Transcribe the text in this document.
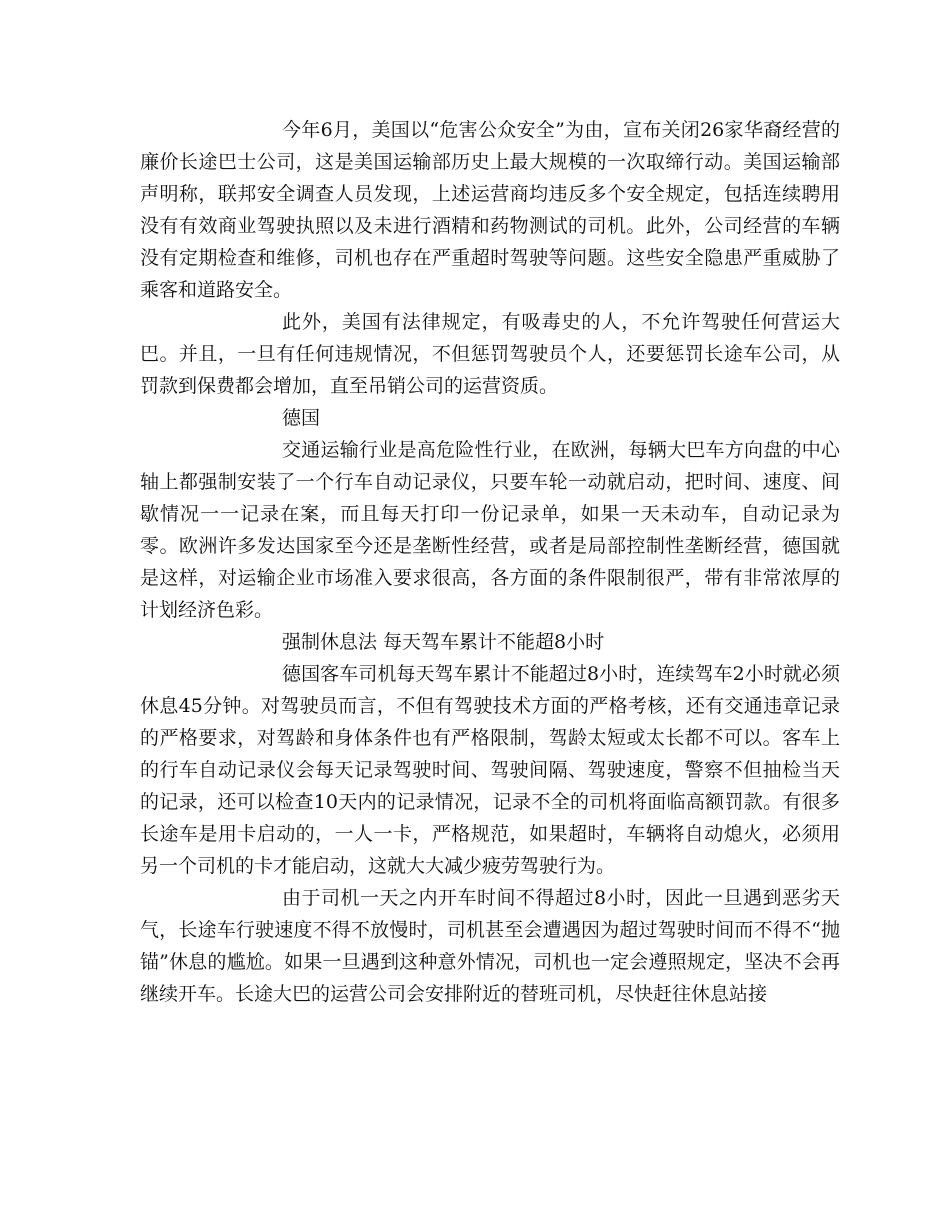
今年6月，美国以“危害公众安全”为由，宣布关闭26家华裔经营的廉价长途巴士公司，这是美国运输部历史上最大规模的一次取缔行动。美国运输部声明称，联邦安全调查人员发现，上述运营商均违反多个安全规定，包括连续聘用没有有效商业驾驶执照以及未进行酒精和药物测试的司机。此外，公司经营的车辆没有定期检查和维修，司机也存在严重超时驾驶等问题。这些安全隐患严重威胁了乘客和道路安全。

此外，美国有法律规定，有吸毒史的人，不允许驾驶任何营运大巴。并且，一旦有任何违规情况，不但惩罚驾驶员个人，还要惩罚长途车公司，从罚款到保费都会增加，直至吊销公司的运营资质。

德国

交通运输行业是高危险性行业，在欧洲，每辆大巴车方向盘的中心轴上都强制安装了一个行车自动记录仪，只要车轮一动就启动，把时间、速度、间歇情况一一记录在案，而且每天打印一份记录单，如果一天未动车，自动记录为零。欧洲许多发达国家至今还是垄断性经营，或者是局部控制性垄断经营，德国就是这样，对运输企业市场准入要求很高，各方面的条件限制很严，带有非常浓厚的计划经济色彩。

强制休息法 每天驾车累计不能超8小时

德国客车司机每天驾车累计不能超过8小时，连续驾车2小时就必须休息45分钟。对驾驶员而言，不但有驾驶技术方面的严格考核，还有交通违章记录的严格要求，对驾龄和身体条件也有严格限制，驾龄太短或太长都不可以。客车上的行车自动记录仪会每天记录驾驶时间、驾驶间隔、驾驶速度，警察不但抽检当天的记录，还可以检查10天内的记录情况，记录不全的司机将面临高额罚款。有很多长途车是用卡启动的，一人一卡，严格规范，如果超时，车辆将自动熄火，必须用另一个司机的卡才能启动，这就大大减少疲劳驾驶行为。

由于司机一天之内开车时间不得超过8小时，因此一旦遇到恶劣天气，长途车行驶速度不得不放慢时，司机甚至会遭遇因为超过驾驶时间而不得不“抛锚”休息的尴尬。如果一旦遇到这种意外情况，司机也一定会遵照规定，坚决不会再继续开车。长途大巴的运营公司会安排附近的替班司机，尽快赶往休息站接
